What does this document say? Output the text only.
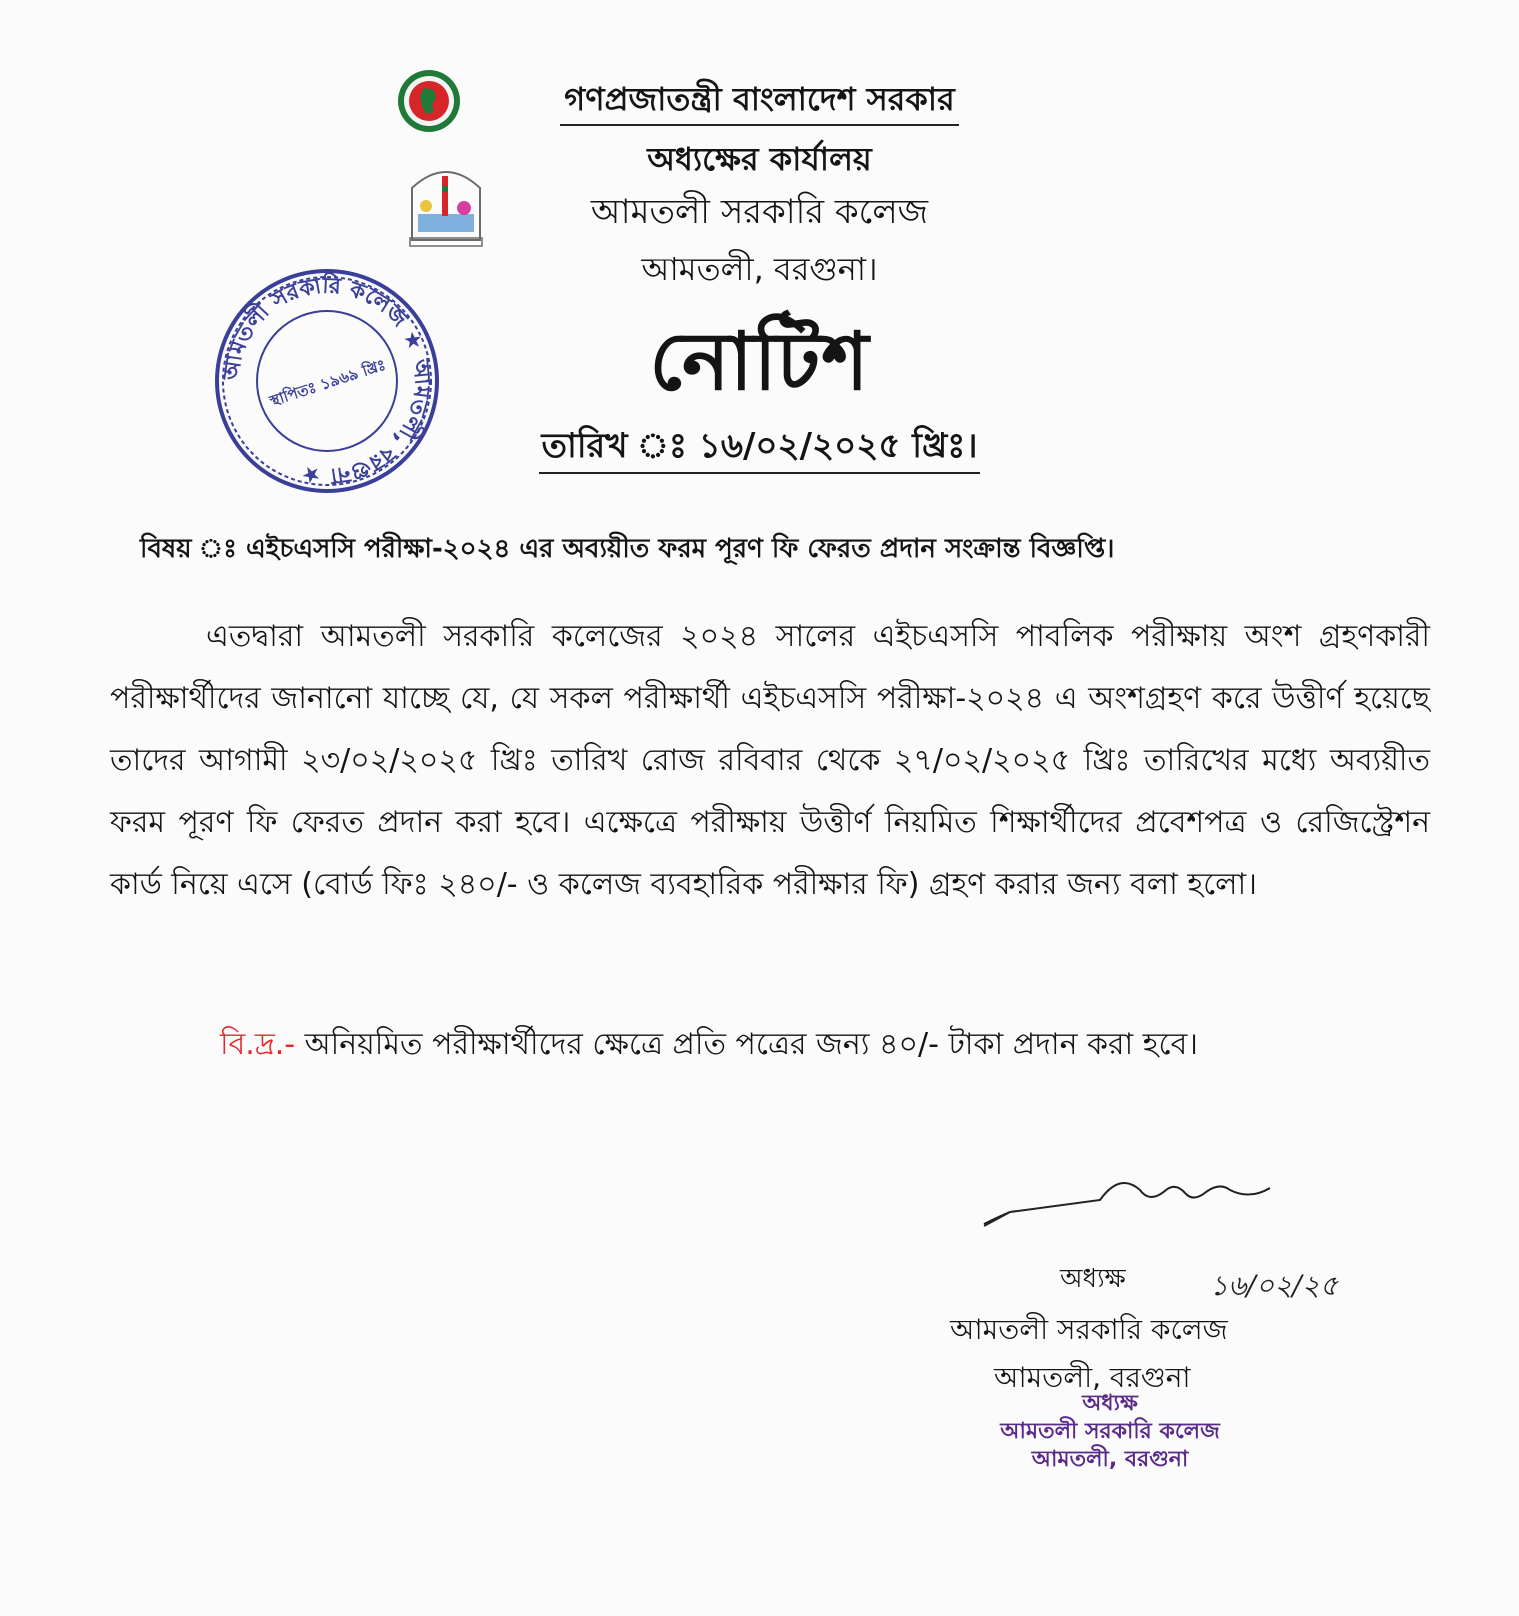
আমতলী সরকারি কলেজ ★ আমতলী, বরগুনা ★
স্থাপিতঃ ১৯৬৯ খ্রিঃ
গণপ্রজাতন্ত্রী বাংলাদেশ সরকার
অধ্যক্ষের কার্যালয়
আমতলী সরকারি কলেজ
আমতলী, বরগুনা।
নোটিশ
তারিখ ঃ ১৬/০২/২০২৫ খ্রিঃ।
বিষয় ঃ এইচএসসি পরীক্ষা-২০২৪ এর অব্যয়ীত ফরম পূরণ ফি ফেরত প্রদান সংক্রান্ত বিজ্ঞপ্তি।
এতদ্বারা আমতলী সরকারি কলেজের ২০২৪ সালের এইচএসসি পাবলিক পরীক্ষায় অংশ গ্রহণকারী পরীক্ষার্থীদের জানানো যাচ্ছে যে, যে সকল পরীক্ষার্থী এইচএসসি পরীক্ষা-২০২৪ এ অংশগ্রহণ করে উত্তীর্ণ হয়েছে তাদের আগামী ২৩/০২/২০২৫ খ্রিঃ তারিখ রোজ রবিবার থেকে ২৭/০২/২০২৫ খ্রিঃ তারিখের মধ্যে অব্যয়ীত ফরম পূরণ ফি ফেরত প্রদান করা হবে। এক্ষেত্রে পরীক্ষায় উত্তীর্ণ নিয়মিত শিক্ষার্থীদের প্রবেশপত্র ও রেজিস্ট্রেশন কার্ড নিয়ে এসে (বোর্ড ফিঃ ২৪০/- ও কলেজ ব্যবহারিক পরীক্ষার ফি) গ্রহণ করার জন্য বলা হলো।
বি.দ্র.- অনিয়মিত পরীক্ষার্থীদের ক্ষেত্রে প্রতি পত্রের জন্য ৪০/- টাকা প্রদান করা হবে।
অধ্যক্ষ	১৬/০২/২৫
আমতলী সরকারি কলেজ
আমতলী, বরগুনা
অধ্যক্ষ
আমতলী সরকারি কলেজ
আমতলী, বরগুনা
